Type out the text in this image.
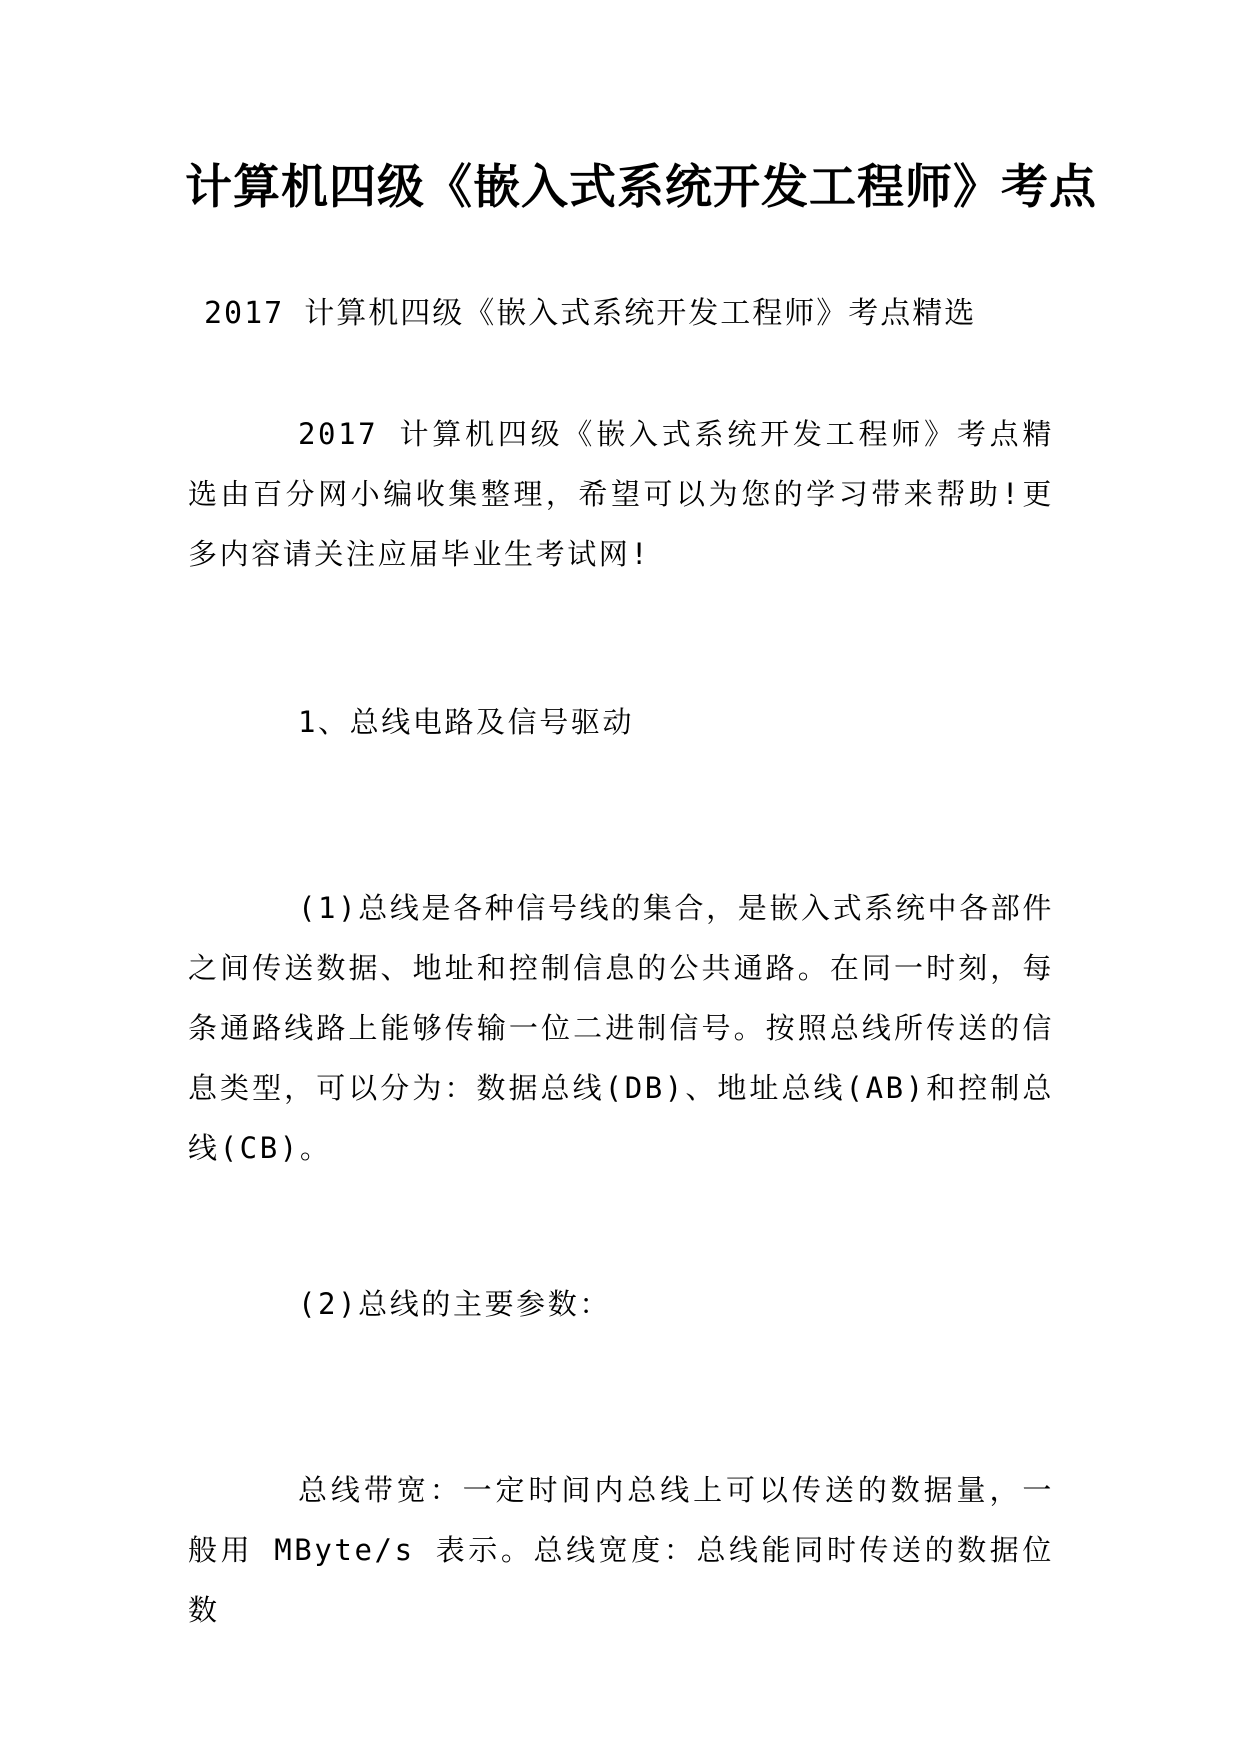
计算机四级《嵌入式系统开发工程师》考点
2017 计算机四级《嵌入式系统开发工程师》考点精选
2017 计算机四级《嵌入式系统开发工程师》考点精选由百分网小编收集整理，希望可以为您的学习带来帮助!更多内容请关注应届毕业生考试网!
1、总线电路及信号驱动
(1)总线是各种信号线的集合，是嵌入式系统中各部件之间传送数据、地址和控制信息的公共通路。在同一时刻，每条通路线路上能够传输一位二进制信号。按照总线所传送的信息类型，可以分为：数据总线(DB)、地址总线(AB)和控制总线(CB)。
(2)总线的主要参数：
总线带宽：一定时间内总线上可以传送的数据量，一般用 MByte/s 表示。总线宽度：总线能同时传送的数据位数
